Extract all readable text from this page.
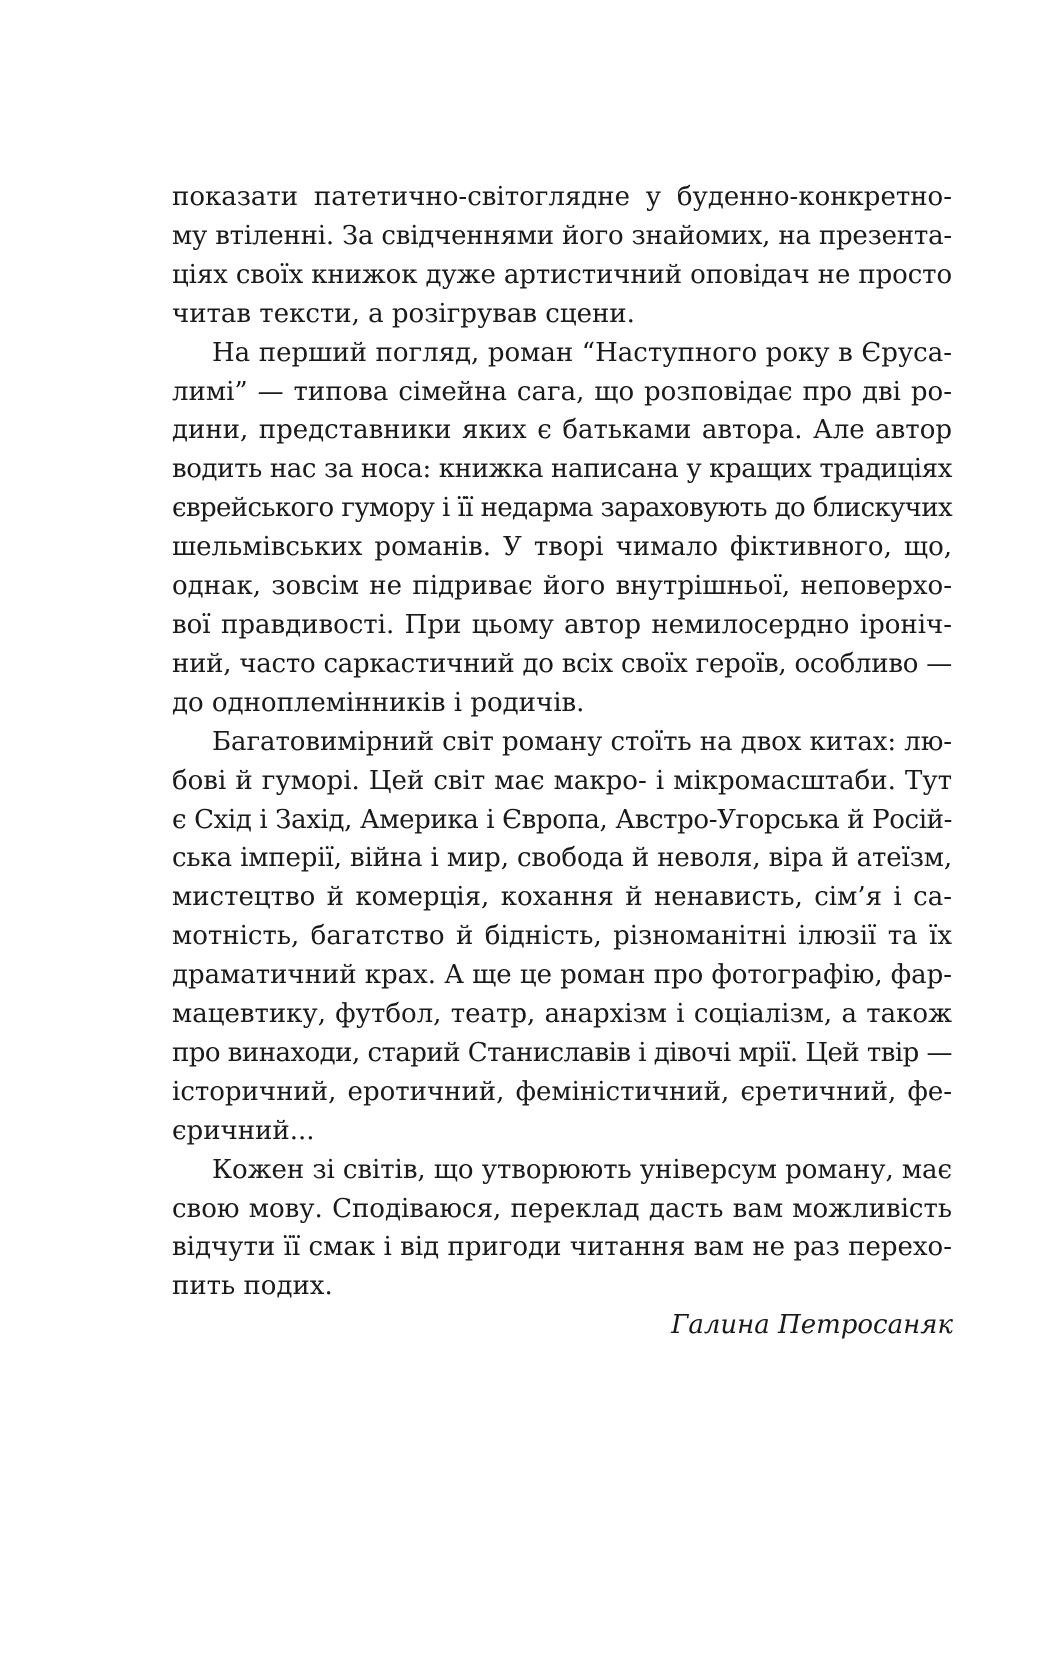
показати патетично-світоглядне у буденно-конкретно-
му втіленні. За свідченнями його знайомих, на презента-
ціях своїх книжок дуже артистичний оповідач не просто
читав тексти, а розігрував сцени.
На перший погляд, роман “Наступного року в Єруса-
лимі” — типова сімейна сага, що розповідає про дві ро-
дини, представники яких є батьками автора. Але автор
водить нас за носа: книжка написана у кращих традиціях
єврейського гумору і її недарма зараховують до блискучих
шельмівських романів. У творі чимало фіктивного, що,
однак, зовсім не підриває його внутрішньої, неповерхо-
вої правдивості. При цьому автор немилосердно іроніч-
ний, часто саркастичний до всіх своїх героїв, особливо —
до одноплемінників і родичів.
Багатовимірний світ роману стоїть на двох китах: лю-
бові й гуморі. Цей світ має макро- і мікромасштаби. Тут
є Схід і Захід, Америка і Європа, Австро-Угорська й Росій-
ська імперії, війна і мир, свобода й неволя, віра й атеїзм,
мистецтво й комерція, кохання й ненависть, сім’я і са-
мотність, багатство й бідність, різноманітні ілюзії та їх
драматичний крах. А ще це роман про фотографію, фар-
мацевтику, футбол, театр, анархізм і соціалізм, а також
про винаходи, старий Станиславів і дівочі мрії. Цей твір —
історичний, еротичний, феміністичний, єретичний, фе-
єричний...
Кожен зі світів, що утворюють універсум роману, має
свою мову. Сподіваюся, переклад дасть вам можливість
відчути її смак і від пригоди читання вам не раз перехо-
пить подих.
Галина Петросаняк
